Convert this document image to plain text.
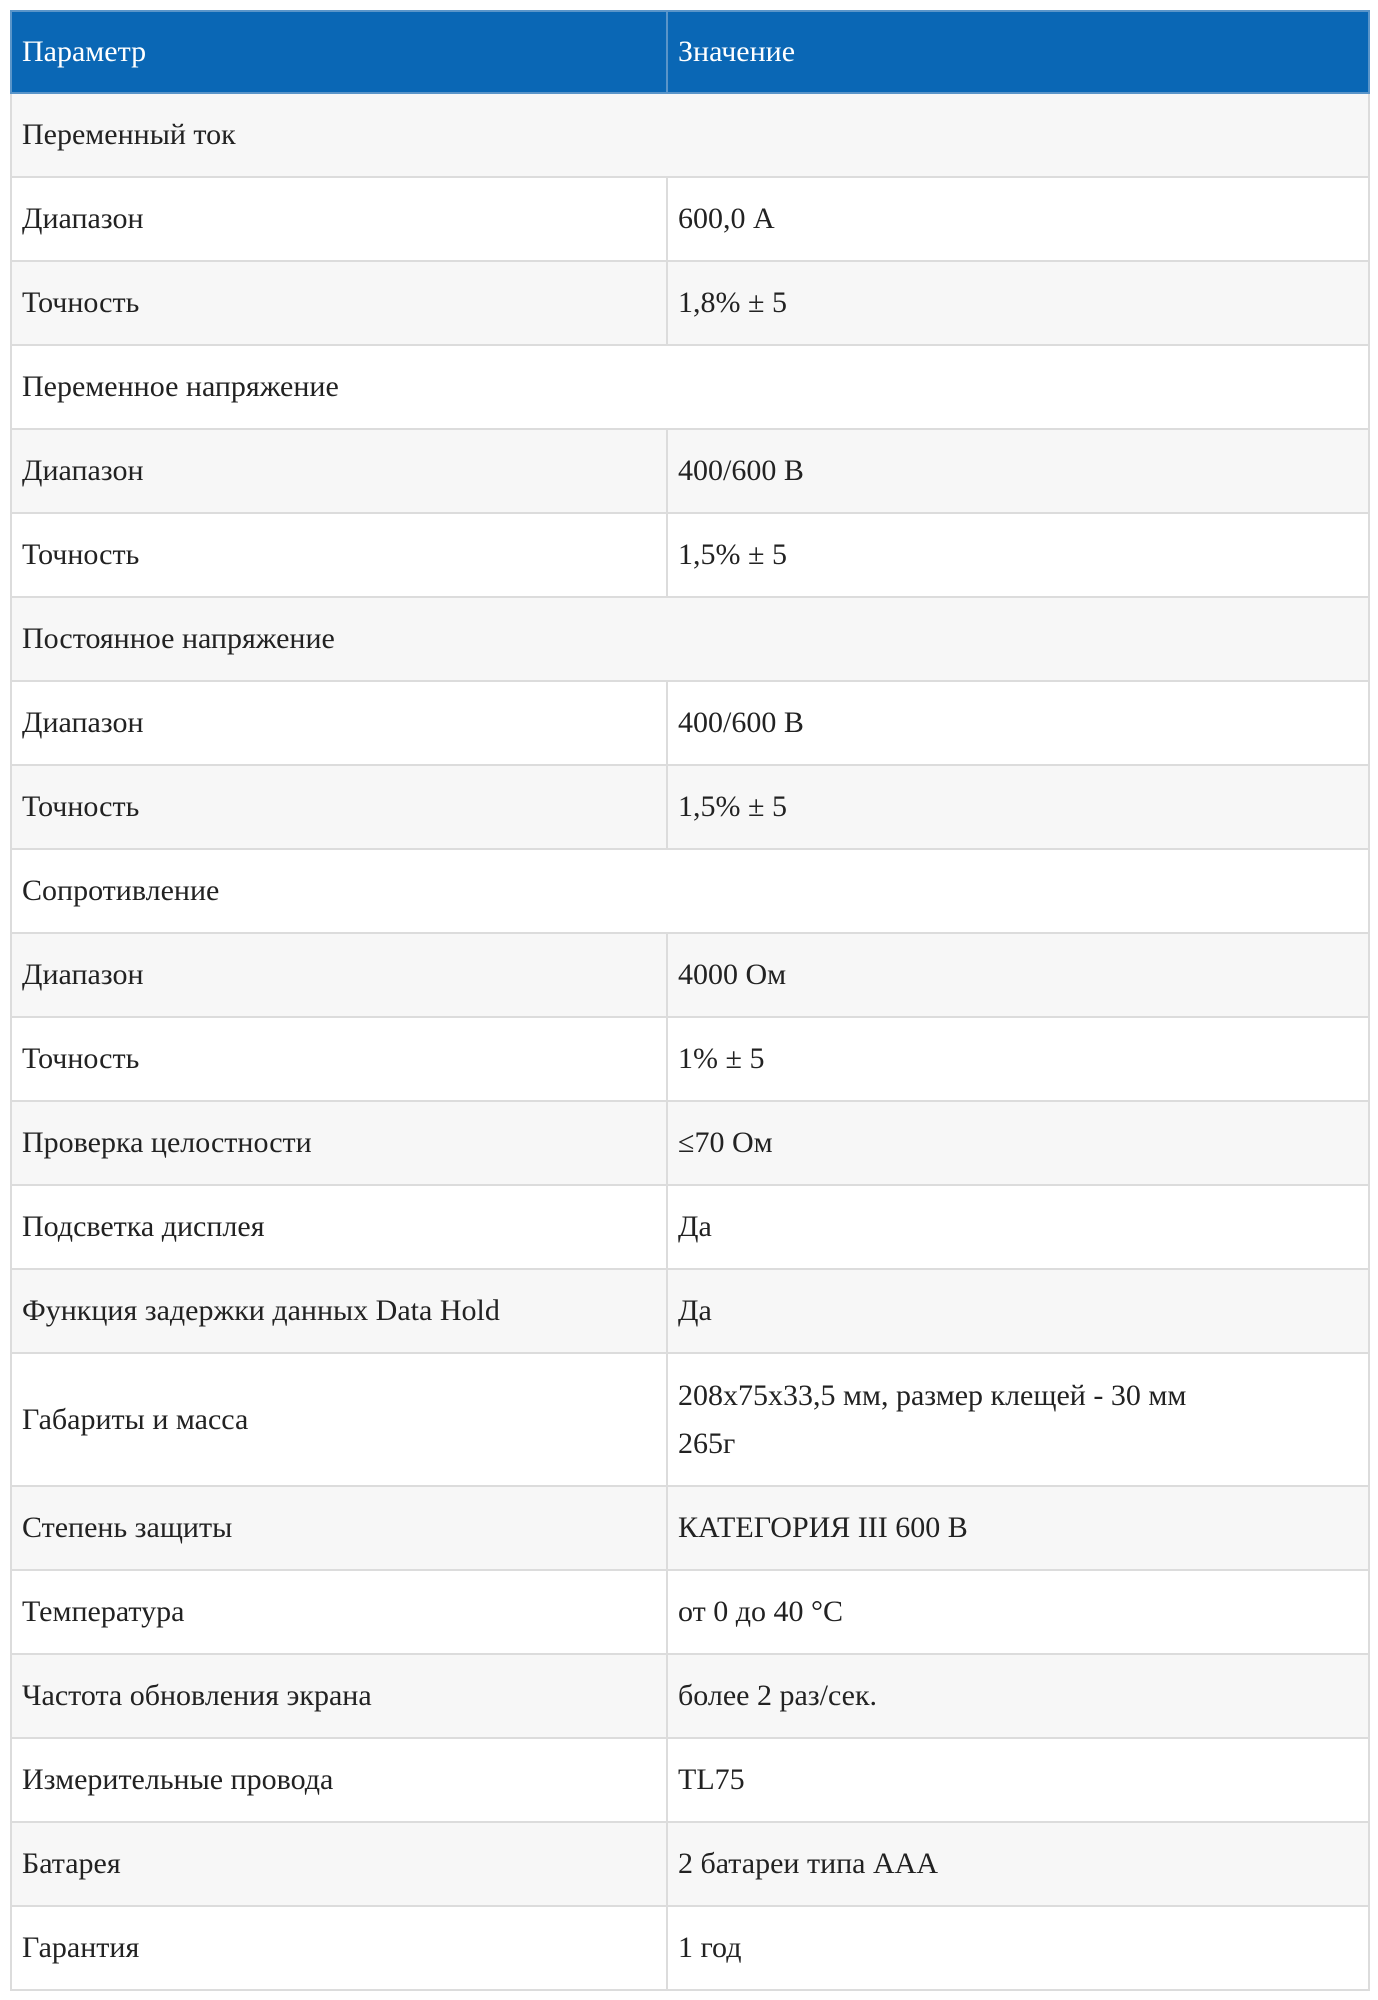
Параметр	Значение
Переменный ток	
Диапазон	600,0 А
Точность	1,8% ± 5
Переменное напряжение	
Диапазон	400/600 В
Точность	1,5% ± 5
Постоянное напряжение	
Диапазон	400/600 В
Точность	1,5% ± 5
Сопротивление	
Диапазон	4000 Ом
Точность	1% ± 5
Проверка целостности	≤70 Ом
Подсветка дисплея	Да
Функция задержки данных Data Hold	Да
Габариты и масса	208x75x33,5 мм, размер клещей - 30 мм
265г

Степень защиты	КАТЕГОРИЯ III 600 В
Температура	от 0 до 40 °C
Частота обновления экрана	более 2 раз/сек.
Измерительные провода	TL75
Батарея	2 батареи типа AAA
Гарантия	1 год
